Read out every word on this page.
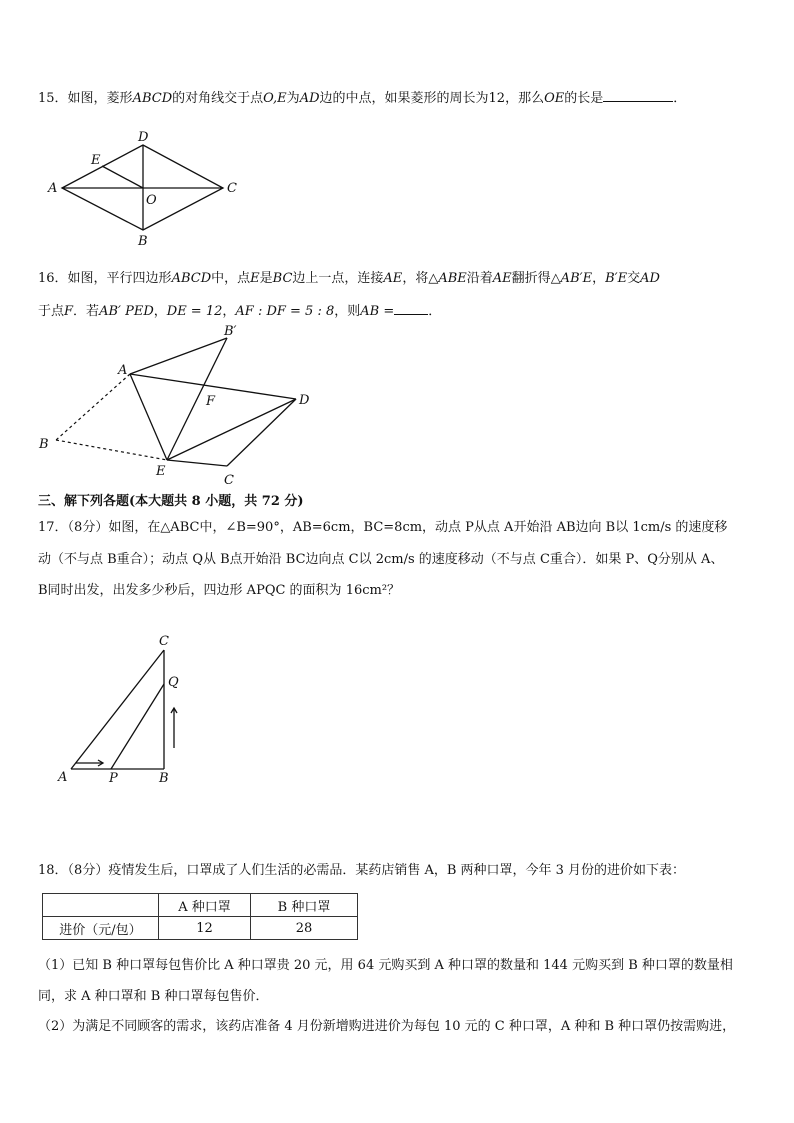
15．如图，菱形ABCD的对角线交于点O,E为AD边的中点，如果菱形的周长为12，那么OE的长是	．
A
D
C
B
E
O
16．如图，平行四边形ABCD中，点E是BC边上一点，连接AE，将△ABE沿着AE翻折得△AB′E，B′E交AD
于点F．若AB′ PED，DE = 12，AF : DF = 5 : 8，则AB =	．
A
B′
B
F	D
E
C
三、解下列各题(本大题共 8 小题，共 72 分)
17．（8分）如图，在△ABC中，∠B=90°，AB=6cm，BC=8cm，动点 P从点 A开始沿 AB边向 B以 1cm/s 的速度移
动（不与点 B重合）；动点 Q从 B点开始沿 BC边向点 C以 2cm/s 的速度移动（不与点 C重合）．如果 P、Q分别从 A、
B同时出发，出发多少秒后，四边形 APQC 的面积为 16cm²？
C
Q
A	P	B
18．（8分）疫情发生后，口罩成了人们生活的必需品．某药店销售 A，B 两种口罩，今年 3 月份的进价如下表：
	A 种口罩	B 种口罩
进价（元/包）	12	28
（1）已知 B 种口罩每包售价比 A 种口罩贵 20 元，用 64 元购买到 A 种口罩的数量和 144 元购买到 B 种口罩的数量相
同，求 A 种口罩和 B 种口罩每包售价．
（2）为满足不同顾客的需求，该药店准备 4 月份新增购进进价为每包 10 元的 C 种口罩，A 种和 B 种口罩仍按需购进，
